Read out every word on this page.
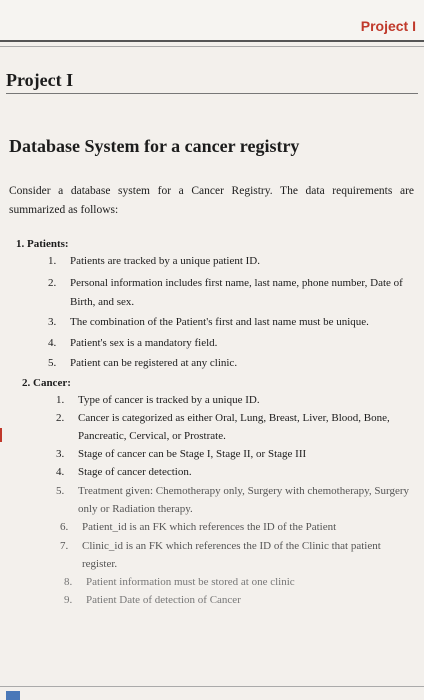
Project I
Project I
Database System for a cancer registry
Consider a database system for a Cancer Registry. The data requirements are summarized as follows:
1. Patients:
1. Patients are tracked by a unique patient ID.
2. Personal information includes first name, last name, phone number, Date of
Birth, and sex.
3. The combination of the Patient's first and last name must be unique.
4. Patient's sex is a mandatory field.
5. Patient can be registered at any clinic.
2. Cancer:
1. Type of cancer is tracked by a unique ID.
2. Cancer is categorized as either Oral, Lung, Breast, Liver, Blood, Bone,
Pancreatic, Cervical, or Prostrate.
3. Stage of cancer can be Stage I, Stage II, or Stage III
4. Stage of cancer detection.
5. Treatment given: Chemotherapy only, Surgery with chemotherapy, Surgery
only or Radiation therapy.
6. Patient_id is an FK which references the ID of the Patient
7. Clinic_id is an FK which references the ID of the Clinic that patient
register.
8. Patient information must be stored at one clinic
9. Patient Date of detection of Cancer
